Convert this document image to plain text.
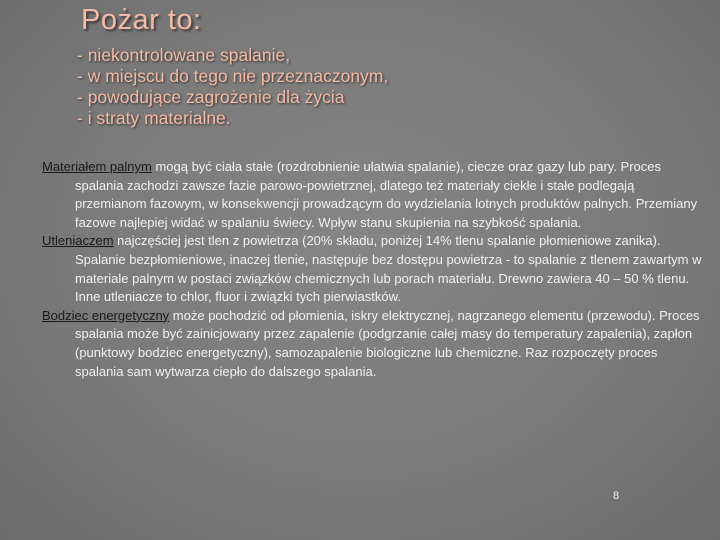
Pożar to:
- niekontrolowane spalanie,
- w miejscu do tego nie przeznaczonym,
- powodujące zagrożenie dla życia
- i straty materialne.

Materiałem palnym mogą być ciała stałe (rozdrobnienie ułatwia spalanie), ciecze oraz gazy lub pary. Proces spalania zachodzi zawsze fazie parowo-powietrznej, dlatego też materiały ciekłe i stałe podlegają przemianom fazowym, w konsekwencji prowadzącym do wydzielania lotnych produktów palnych. Przemiany fazowe najlepiej widać w spalaniu świecy. Wpływ stanu skupienia na szybkość spalania.

Utleniaczem najczęściej jest tlen z powietrza (20% składu, poniżej 14% tlenu spalanie płomieniowe zanika). Spalanie bezpłomieniowe, inaczej tlenie, następuje bez dostępu powietrza - to spalanie z tlenem zawartym w materiale palnym w postaci związków chemicznych lub porach materiału. Drewno zawiera 40 – 50 % tlenu. Inne utleniacze to chlor, fluor i związki tych pierwiastków.

Bodziec energetyczny może pochodzić od płomienia, iskry elektrycznej, nagrzanego elementu (przewodu). Proces spalania może być zainicjowany przez zapalenie (podgrzanie całej masy do temperatury zapalenia), zapłon (punktowy bodziec energetyczny), samozapalenie biologiczne lub chemiczne. Raz rozpoczęty proces spalania sam wytwarza ciepło do dalszego spalania.

8
